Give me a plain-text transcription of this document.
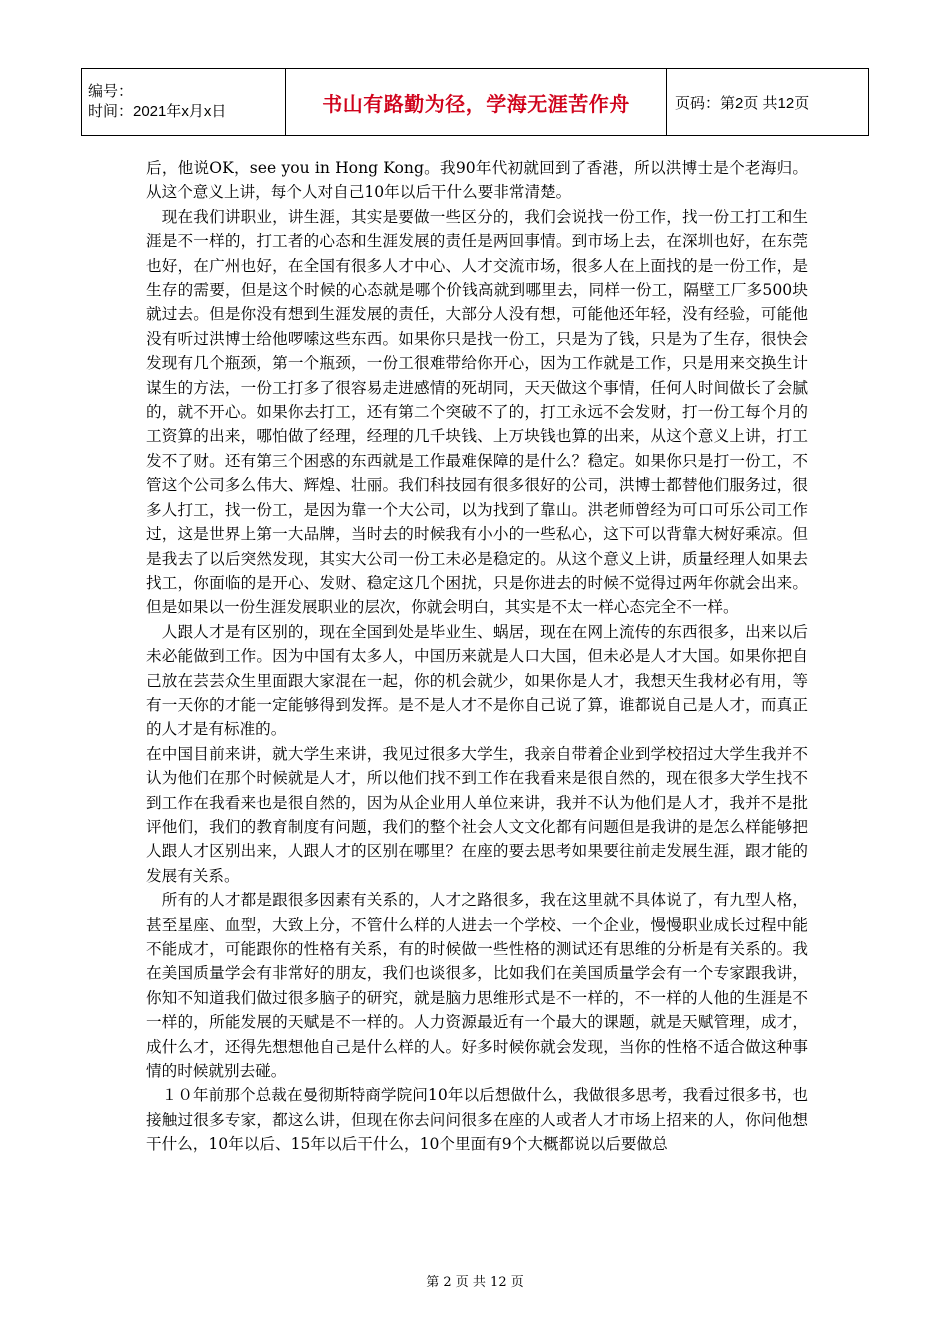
编号：
时间：2021年x月x日	书山有路勤为径，学海无涯苦作舟	页码：第2页 共12页

后，他说OK，see you in Hong Kong。我90年代初就回到了香港，所以洪博士是个老海归。从这个意义上讲，每个人对自己10年以后干什么要非常清楚。

　现在我们讲职业，讲生涯，其实是要做一些区分的，我们会说找一份工作，找一份工打工和生涯是不一样的，打工者的心态和生涯发展的责任是两回事情。到市场上去，在深圳也好，在东莞也好，在广州也好，在全国有很多人才中心、人才交流市场，很多人在上面找的是一份工作，是生存的需要，但是这个时候的心态就是哪个价钱高就到哪里去，同样一份工，隔壁工厂多500块就过去。但是你没有想到生涯发展的责任，大部分人没有想，可能他还年轻，没有经验，可能他没有听过洪博士给他啰嗦这些东西。如果你只是找一份工，只是为了钱，只是为了生存，很快会发现有几个瓶颈，第一个瓶颈，一份工很难带给你开心，因为工作就是工作，只是用来交换生计谋生的方法，一份工打多了很容易走进感情的死胡同，天天做这个事情，任何人时间做长了会腻的，就不开心。如果你去打工，还有第二个突破不了的，打工永远不会发财，打一份工每个月的工资算的出来，哪怕做了经理，经理的几千块钱、上万块钱也算的出来，从这个意义上讲，打工发不了财。还有第三个困惑的东西就是工作最难保障的是什么？稳定。如果你只是打一份工，不管这个公司多么伟大、辉煌、壮丽。我们科技园有很多很好的公司，洪博士都替他们服务过，很多人打工，找一份工，是因为靠一个大公司，以为找到了靠山。洪老师曾经为可口可乐公司工作过，这是世界上第一大品牌，当时去的时候我有小小的一些私心，这下可以背靠大树好乘凉。但是我去了以后突然发现，其实大公司一份工未必是稳定的。从这个意义上讲，质量经理人如果去找工，你面临的是开心、发财、稳定这几个困扰，只是你进去的时候不觉得过两年你就会出来。但是如果以一份生涯发展职业的层次，你就会明白，其实是不太一样心态完全不一样。

　人跟人才是有区别的，现在全国到处是毕业生、蜗居，现在在网上流传的东西很多，出来以后未必能做到工作。因为中国有太多人，中国历来就是人口大国，但未必是人才大国。如果你把自己放在芸芸众生里面跟大家混在一起，你的机会就少，如果你是人才，我想天生我材必有用，等有一天你的才能一定能够得到发挥。是不是人才不是你自己说了算，谁都说自己是人才，而真正的人才是有标准的。

在中国目前来讲，就大学生来讲，我见过很多大学生，我亲自带着企业到学校招过大学生我并不认为他们在那个时候就是人才，所以他们找不到工作在我看来是很自然的，现在很多大学生找不到工作在我看来也是很自然的，因为从企业用人单位来讲，我并不认为他们是人才，我并不是批评他们，我们的教育制度有问题，我们的整个社会人文文化都有问题但是我讲的是怎么样能够把人跟人才区别出来，人跟人才的区别在哪里？在座的要去思考如果要往前走发展生涯，跟才能的发展有关系。

　所有的人才都是跟很多因素有关系的，人才之路很多，我在这里就不具体说了，有九型人格，甚至星座、血型，大致上分，不管什么样的人进去一个学校、一个企业，慢慢职业成长过程中能不能成才，可能跟你的性格有关系，有的时候做一些性格的测试还有思维的分析是有关系的。我在美国质量学会有非常好的朋友，我们也谈很多，比如我们在美国质量学会有一个专家跟我讲，你知不知道我们做过很多脑子的研究，就是脑力思维形式是不一样的，不一样的人他的生涯是不一样的，所能发展的天赋是不一样的。人力资源最近有一个最大的课题，就是天赋管理，成才，成什么才，还得先想想他自己是什么样的人。好多时候你就会发现，当你的性格不适合做这种事情的时候就别去碰。

　１０年前那个总裁在曼彻斯特商学院问10年以后想做什么，我做很多思考，我看过很多书，也接触过很多专家，都这么讲，但现在你去问问很多在座的人或者人才市场上招来的人，你问他想干什么，10年以后、15年以后干什么，10个里面有9个大概都说以后要做总

第 2 页 共 12 页
